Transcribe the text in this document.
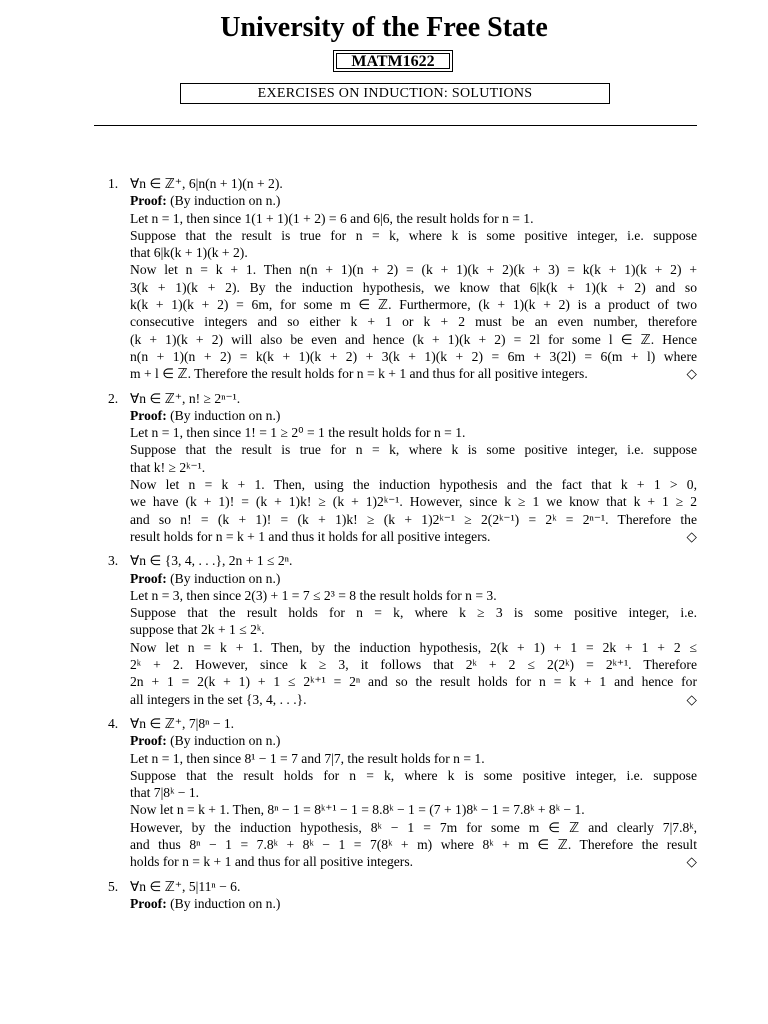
University of the Free State
MATM1622
EXERCISES ON INDUCTION: SOLUTIONS
1. ∀n ∈ ℤ⁺, 6|n(n + 1)(n + 2).
Proof: (By induction on n.)
Let n = 1, then since 1(1 + 1)(1 + 2) = 6 and 6|6, the result holds for n = 1.
Suppose that the result is true for n = k, where k is some positive integer, i.e. suppose
that 6|k(k + 1)(k + 2).
Now let n = k + 1. Then n(n + 1)(n + 2) = (k + 1)(k + 2)(k + 3) = k(k + 1)(k + 2) +
3(k + 1)(k + 2). By the induction hypothesis, we know that 6|k(k + 1)(k + 2) and so
k(k + 1)(k + 2) = 6m, for some m ∈ ℤ. Furthermore, (k + 1)(k + 2) is a product of two
consecutive integers and so either k + 1 or k + 2 must be an even number, therefore
(k + 1)(k + 2) will also be even and hence (k + 1)(k + 2) = 2l for some l ∈ ℤ. Hence
n(n + 1)(n + 2) = k(k + 1)(k + 2) + 3(k + 1)(k + 2) = 6m + 3(2l) = 6(m + l) where
m + l ∈ ℤ. Therefore the result holds for n = k + 1 and thus for all positive integers.	◇
2. ∀n ∈ ℤ⁺, n! ≥ 2ⁿ⁻¹.
Proof: (By induction on n.)
Let n = 1, then since 1! = 1 ≥ 2⁰ = 1 the result holds for n = 1.
Suppose that the result is true for n = k, where k is some positive integer, i.e. suppose
that k! ≥ 2ᵏ⁻¹.
Now let n = k + 1. Then, using the induction hypothesis and the fact that k + 1 > 0,
we have (k + 1)! = (k + 1)k! ≥ (k + 1)2ᵏ⁻¹. However, since k ≥ 1 we know that k + 1 ≥ 2
and so n! = (k + 1)! = (k + 1)k! ≥ (k + 1)2ᵏ⁻¹ ≥ 2(2ᵏ⁻¹) = 2ᵏ = 2ⁿ⁻¹. Therefore the
result holds for n = k + 1 and thus it holds for all positive integers.	◇
3. ∀n ∈ {3, 4, . . .}, 2n + 1 ≤ 2ⁿ.
Proof: (By induction on n.)
Let n = 3, then since 2(3) + 1 = 7 ≤ 2³ = 8 the result holds for n = 3.
Suppose that the result holds for n = k, where k ≥ 3 is some positive integer, i.e.
suppose that 2k + 1 ≤ 2ᵏ.
Now let n = k + 1. Then, by the induction hypothesis, 2(k + 1) + 1 = 2k + 1 + 2 ≤
2ᵏ + 2. However, since k ≥ 3, it follows that 2ᵏ + 2 ≤ 2(2ᵏ) = 2ᵏ⁺¹. Therefore
2n + 1 = 2(k + 1) + 1 ≤ 2ᵏ⁺¹ = 2ⁿ and so the result holds for n = k + 1 and hence for
all integers in the set {3, 4, . . .}.	◇
4. ∀n ∈ ℤ⁺, 7|8ⁿ − 1.
Proof: (By induction on n.)
Let n = 1, then since 8¹ − 1 = 7 and 7|7, the result holds for n = 1.
Suppose that the result holds for n = k, where k is some positive integer, i.e. suppose
that 7|8ᵏ − 1.
Now let n = k + 1. Then, 8ⁿ − 1 = 8ᵏ⁺¹ − 1 = 8.8ᵏ − 1 = (7 + 1)8ᵏ − 1 = 7.8ᵏ + 8ᵏ − 1.
However, by the induction hypothesis, 8ᵏ − 1 = 7m for some m ∈ ℤ and clearly 7|7.8ᵏ,
and thus 8ⁿ − 1 = 7.8ᵏ + 8ᵏ − 1 = 7(8ᵏ + m) where 8ᵏ + m ∈ ℤ. Therefore the result
holds for n = k + 1 and thus for all positive integers.	◇
5. ∀n ∈ ℤ⁺, 5|11ⁿ − 6.
Proof: (By induction on n.)
